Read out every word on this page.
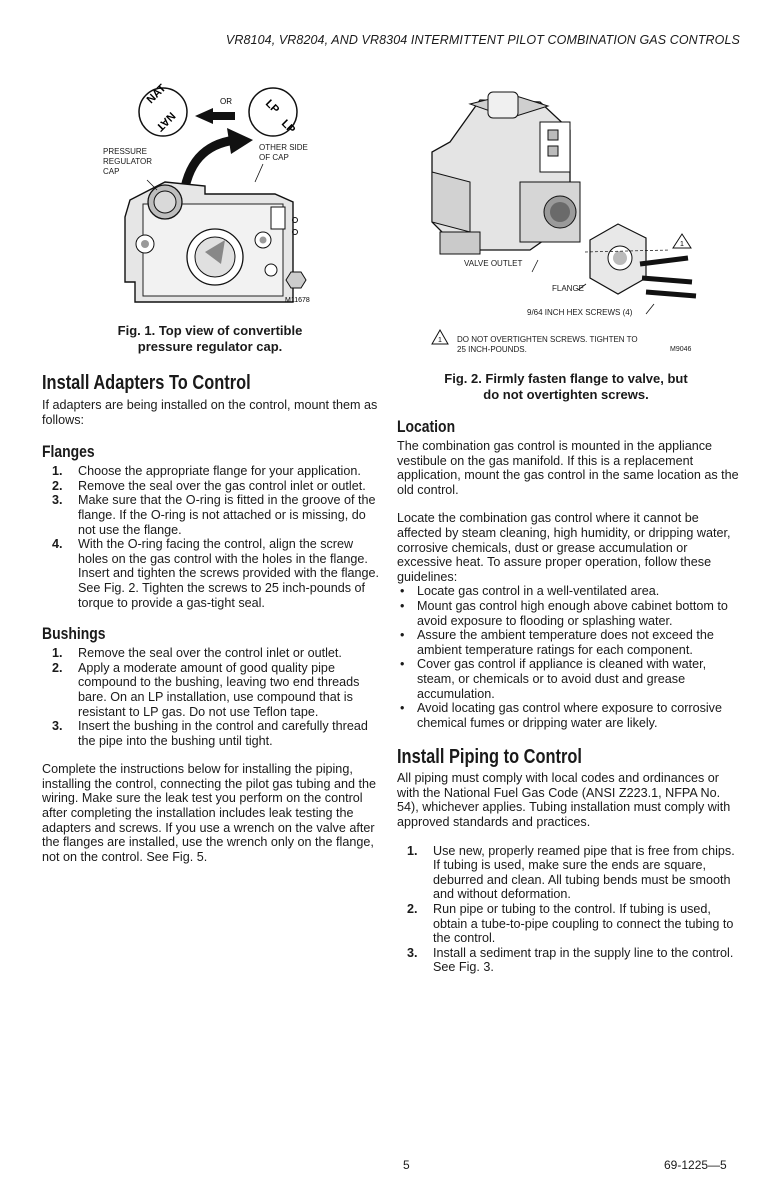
VR8104, VR8204, AND VR8304 INTERMITTENT PILOT COMBINATION GAS CONTROLS
NAT
NAT
OR	LP
LP
M11678
PRESSURE
REGULATOR
CAP
OTHER SIDE
OF CAP
Fig. 1. Top view of convertible
pressure regulator cap.
1
1
VALVE OUTLET
FLANGE
9/64 INCH HEX SCREWS (4)
DO NOT OVERTIGHTEN SCREWS. TIGHTEN TO
25 INCH-POUNDS.	M9046
Fig. 2. Firmly fasten flange to valve, but
do not overtighten screws.
Install Adapters To Control
If adapters are being installed on the control, mount them as follows:
Flanges
1. Choose the appropriate flange for your application.
2. Remove the seal over the gas control inlet or outlet.
3. Make sure that the O-ring is fitted in the groove of the flange. If the O-ring is not attached or is missing, do not use the flange.
4. With the O-ring facing the control, align the screw holes on the gas control with the holes in the flange. Insert and tighten the screws provided with the flange. See Fig. 2. Tighten the screws to 25 inch-pounds of torque to provide a gas-tight seal.
Bushings
1. Remove the seal over the control inlet or outlet.
2. Apply a moderate amount of good quality pipe compound to the bushing, leaving two end threads bare. On an LP installation, use compound that is resistant to LP gas. Do not use Teflon tape.
3. Insert the bushing in the control and carefully thread the pipe into the bushing until tight.
Complete the instructions below for installing the piping, installing the control, connecting the pilot gas tubing and the wiring. Make sure the leak test you perform on the control after completing the installation includes leak testing the adapters and screws. If you use a wrench on the valve after the flanges are installed, use the wrench only on the flange, not on the control. See Fig. 5.
Location
The combination gas control is mounted in the appliance vestibule on the gas manifold. If this is a replacement application, mount the gas control in the same location as the old control.
Locate the combination gas control where it cannot be affected by steam cleaning, high humidity, or dripping water, corrosive chemicals, dust or grease accumulation or excessive heat. To assure proper operation, follow these guidelines:
• Locate gas control in a well-ventilated area.
• Mount gas control high enough above cabinet bottom to avoid exposure to flooding or splashing water.
• Assure the ambient temperature does not exceed the ambient temperature ratings for each component.
• Cover gas control if appliance is cleaned with water, steam, or chemicals or to avoid dust and grease accumulation.
• Avoid locating gas control where exposure to corrosive chemical fumes or dripping water are likely.
Install Piping to Control
All piping must comply with local codes and ordinances or with the National Fuel Gas Code (ANSI Z223.1, NFPA No. 54), whichever applies. Tubing installation must comply with approved standards and practices.
1. Use new, properly reamed pipe that is free from chips. If tubing is used, make sure the ends are square, deburred and clean. All tubing bends must be smooth and without deformation.
2. Run pipe or tubing to the control. If tubing is used, obtain a tube-to-pipe coupling to connect the tubing to the control.
3. Install a sediment trap in the supply line to the control. See Fig. 3.
5	69-1225—5
